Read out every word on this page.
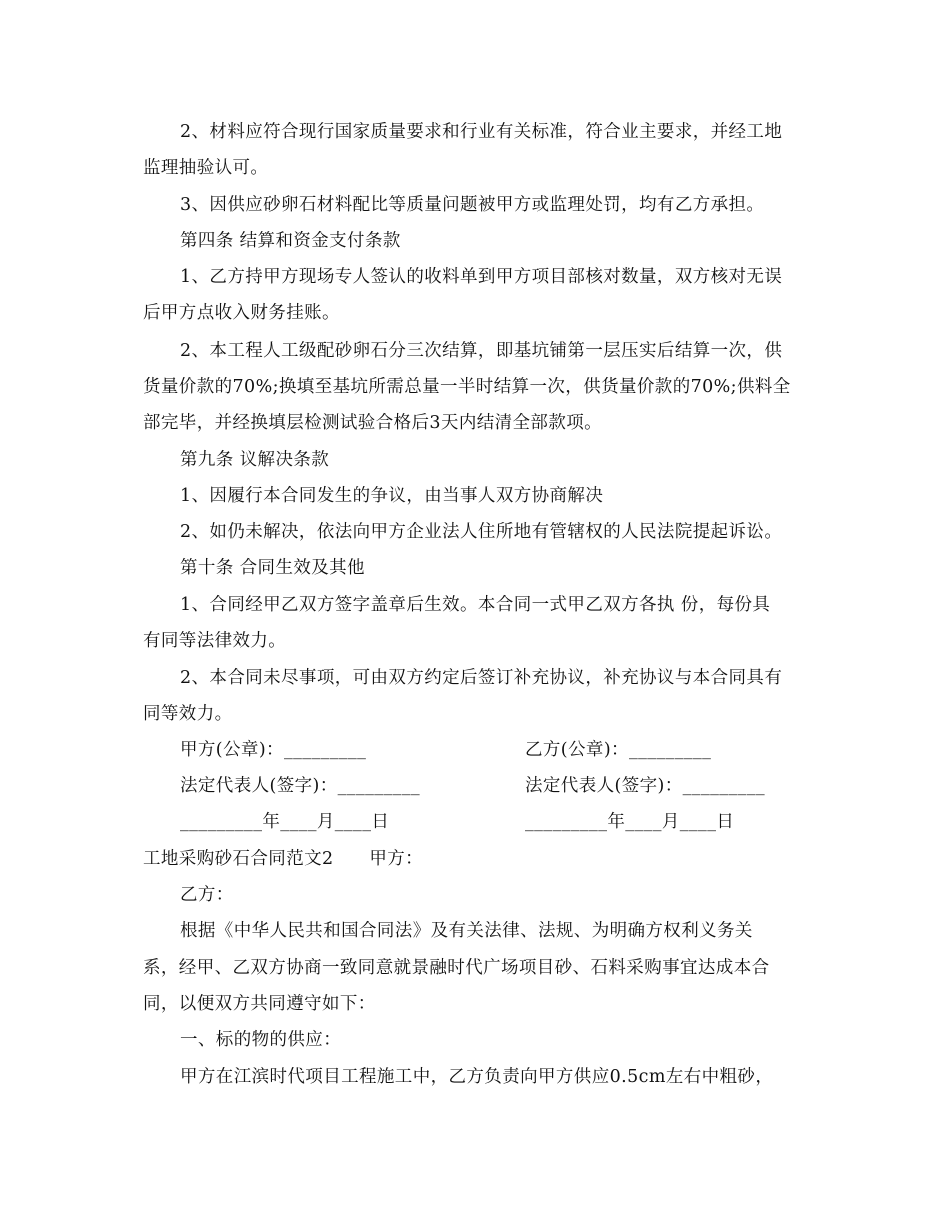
2、材料应符合现行国家质量要求和行业有关标准，符合业主要求，并经工地
监理抽验认可。
3、因供应砂卵石材料配比等质量问题被甲方或监理处罚，均有乙方承担。
第四条 结算和资金支付条款
1、乙方持甲方现场专人签认的收料单到甲方项目部核对数量，双方核对无误
后甲方点收入财务挂账。
2、本工程人工级配砂卵石分三次结算，即基坑铺第一层压实后结算一次，供
货量价款的70%;换填至基坑所需总量一半时结算一次，供货量价款的70%;供料全
部完毕，并经换填层检测试验合格后3天内结清全部款项。
第九条 议解决条款
1、因履行本合同发生的争议，由当事人双方协商解决
2、如仍未解决，依法向甲方企业法人住所地有管辖权的人民法院提起诉讼。
第十条 合同生效及其他
1、合同经甲乙双方签字盖章后生效。本合同一式甲乙双方各执 份，每份具
有同等法律效力。
2、本合同未尽事项，可由双方约定后签订补充协议，补充协议与本合同具有
同等效力。
甲方(公章)：_________	乙方(公章)：_________
法定代表人(签字)：_________	法定代表人(签字)：_________
_________年____月____日	_________年____月____日
工地采购砂石合同范文2　　甲方：
乙方：
根据《中华人民共和国合同法》及有关法律、法规、为明确方权利义务关
系，经甲、乙双方协商一致同意就景融时代广场项目砂、石料采购事宜达成本合
同，以便双方共同遵守如下：
一、标的物的供应：
甲方在江滨时代项目工程施工中，乙方负责向甲方供应0.5cm左右中粗砂，
